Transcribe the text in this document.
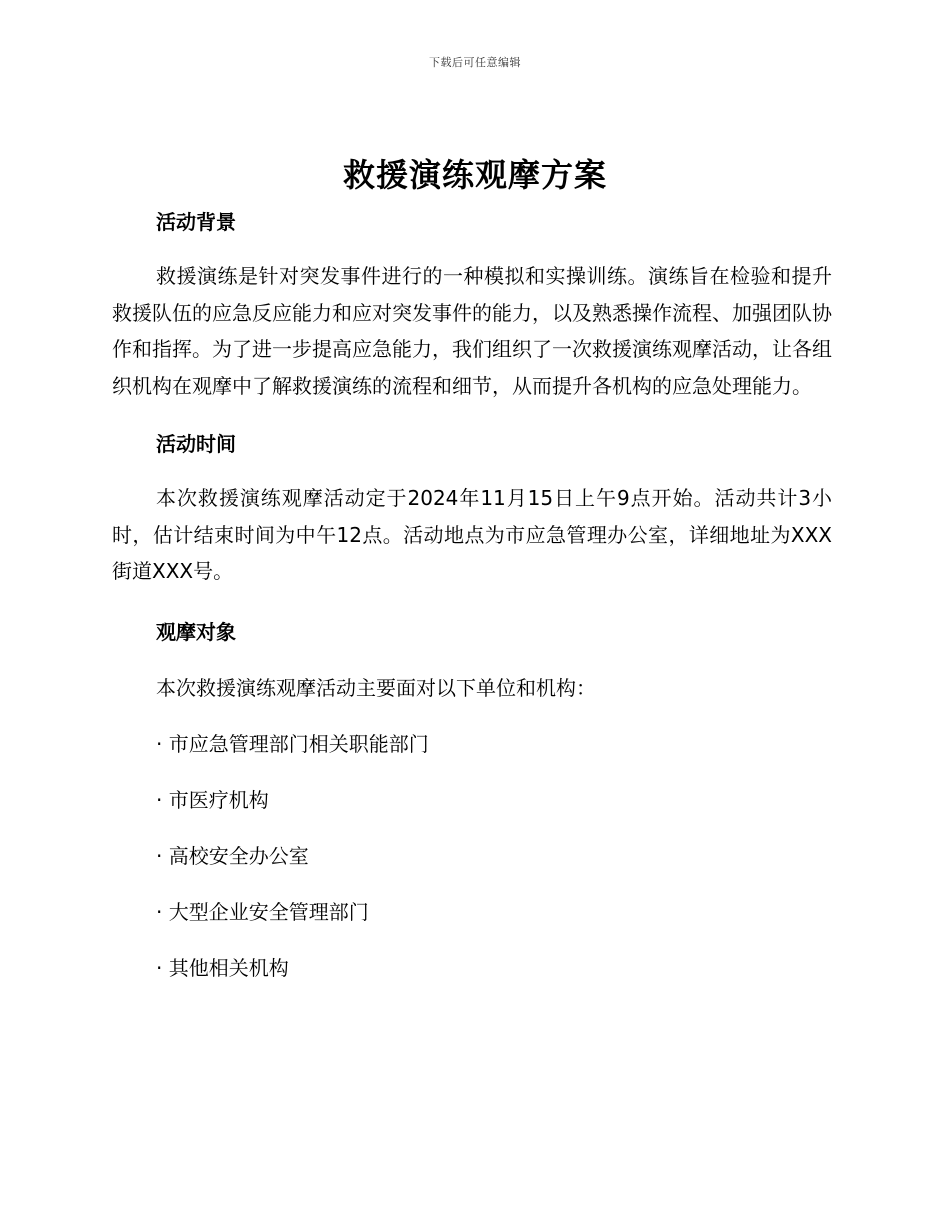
下载后可任意编辑
救援演练观摩方案
活动背景

救援演练是针对突发事件进行的一种模拟和实操训练。演练旨在检验和提升救援队伍的应急反应能力和应对突发事件的能力，以及熟悉操作流程、加强团队协作和指挥。为了进一步提高应急能力，我们组织了一次救援演练观摩活动，让各组织机构在观摩中了解救援演练的流程和细节，从而提升各机构的应急处理能力。

活动时间

本次救援演练观摩活动定于2024年11月15日上午9点开始。活动共计3小时，估计结束时间为中午12点。活动地点为市应急管理办公室，详细地址为XXX街道XXX号。

观摩对象

本次救援演练观摩活动主要面对以下单位和机构：

· 市应急管理部门相关职能部门
· 市医疗机构
· 高校安全办公室
· 大型企业安全管理部门
· 其他相关机构
